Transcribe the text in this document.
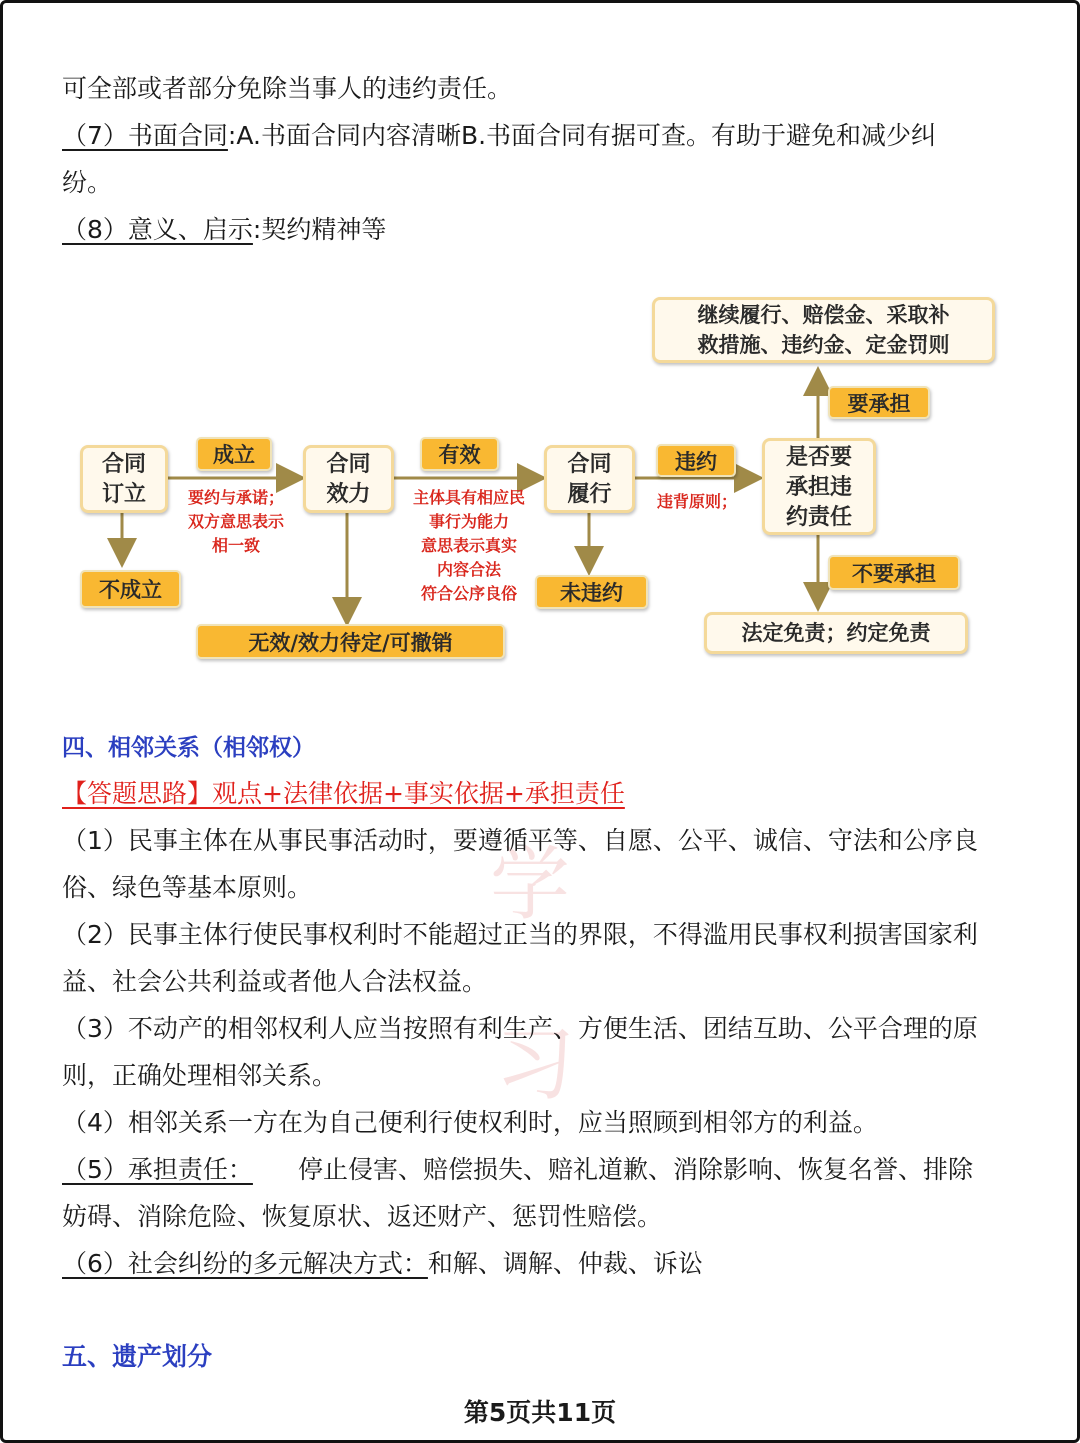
学
习
可全部或者部分免除当事人的违约责任。
（7）书面合同:A.书面合同内容清晰B.书面合同有据可查。有助于避免和减少纠
纷。
（8）意义、启示:契约精神等
合同
订立
合同
效力
合同
履行
是否要
承担违
约责任
继续履行、赔偿金、采取补
救措施、违约金、定金罚则
法定免责；约定免责
无效/效力待定/可撤销
成立	有效	违约
要承担
不要承担
不成立	未违约
要约与承诺；
双方意思表示
相一致
主体具有相应民
事行为能力
意思表示真实
内容合法
符合公序良俗
违背原则；
四、相邻关系（相邻权）
【答题思路】观点+法律依据+事实依据+承担责任
（1）民事主体在从事民事活动时，要遵循平等、自愿、公平、诚信、守法和公序良
俗、绿色等基本原则。
（2）民事主体行使民事权利时不能超过正当的界限，不得滥用民事权利损害国家利
益、社会公共利益或者他人合法权益。
（3）不动产的相邻权利人应当按照有利生产、方便生活、团结互助、公平合理的原
则，正确处理相邻关系。
（4）相邻关系一方在为自己便利行使权利时，应当照顾到相邻方的利益。
（5）承担责任： 停止侵害、赔偿损失、赔礼道歉、消除影响、恢复名誉、排除
妨碍、消除危险、恢复原状、返还财产、惩罚性赔偿。
（6）社会纠纷的多元解决方式：和解、调解、仲裁、诉讼
五、遗产划分
第5页共11页
